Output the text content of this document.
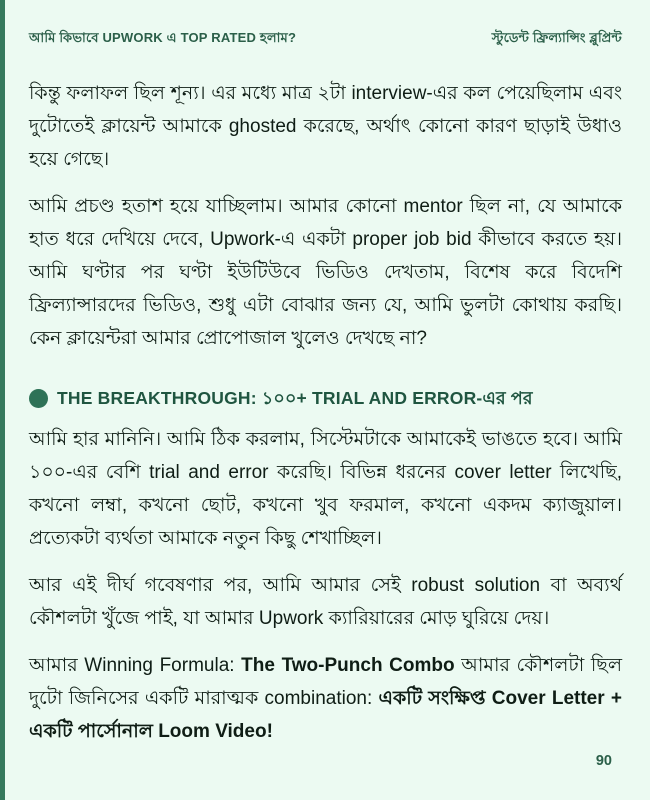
আমি কিভাবে UPWORK এ TOP RATED হলাম?	স্টুডেন্ট ফ্রিল্যান্সিং ব্লুপ্রিন্ট

কিন্তু ফলাফল ছিল শূন্য। এর মধ্যে মাত্র ২টা interview-এর কল পেয়েছিলাম এবং দুটোতেই ক্লায়েন্ট আমাকে ghosted করেছে, অর্থাৎ কোনো কারণ ছাড়াই উধাও হয়ে গেছে।

আমি প্রচণ্ড হতাশ হয়ে যাচ্ছিলাম। আমার কোনো mentor ছিল না, যে আমাকে হাত ধরে দেখিয়ে দেবে, Upwork-এ একটা proper job bid কীভাবে করতে হয়। আমি ঘণ্টার পর ঘণ্টা ইউটিউবে ভিডিও দেখতাম, বিশেষ করে বিদেশি ফ্রিল্যান্সারদের ভিডিও, শুধু এটা বোঝার জন্য যে, আমি ভুলটা কোথায় করছি। কেন ক্লায়েন্টরা আমার প্রোপোজাল খুলেও দেখছে না?

THE BREAKTHROUGH: ১০০+ TRIAL AND ERROR-এর পর

আমি হার মানিনি। আমি ঠিক করলাম, সিস্টেমটাকে আমাকেই ভাঙতে হবে। আমি ১০০-এর বেশি trial and error করেছি। বিভিন্ন ধরনের cover letter লিখেছি, কখনো লম্বা, কখনো ছোট, কখনো খুব ফরমাল, কখনো একদম ক্যাজুয়াল। প্রত্যেকটা ব্যর্থতা আমাকে নতুন কিছু শেখাচ্ছিল।

আর এই দীর্ঘ গবেষণার পর, আমি আমার সেই robust solution বা অব্যর্থ কৌশলটা খুঁজে পাই, যা আমার Upwork ক্যারিয়ারের মোড় ঘুরিয়ে দেয়।

আমার Winning Formula: The Two-Punch Combo আমার কৌশলটা ছিল দুটো জিনিসের একটি মারাত্মক combination: একটি সংক্ষিপ্ত Cover Letter + একটি পার্সোনাল Loom Video!

90
